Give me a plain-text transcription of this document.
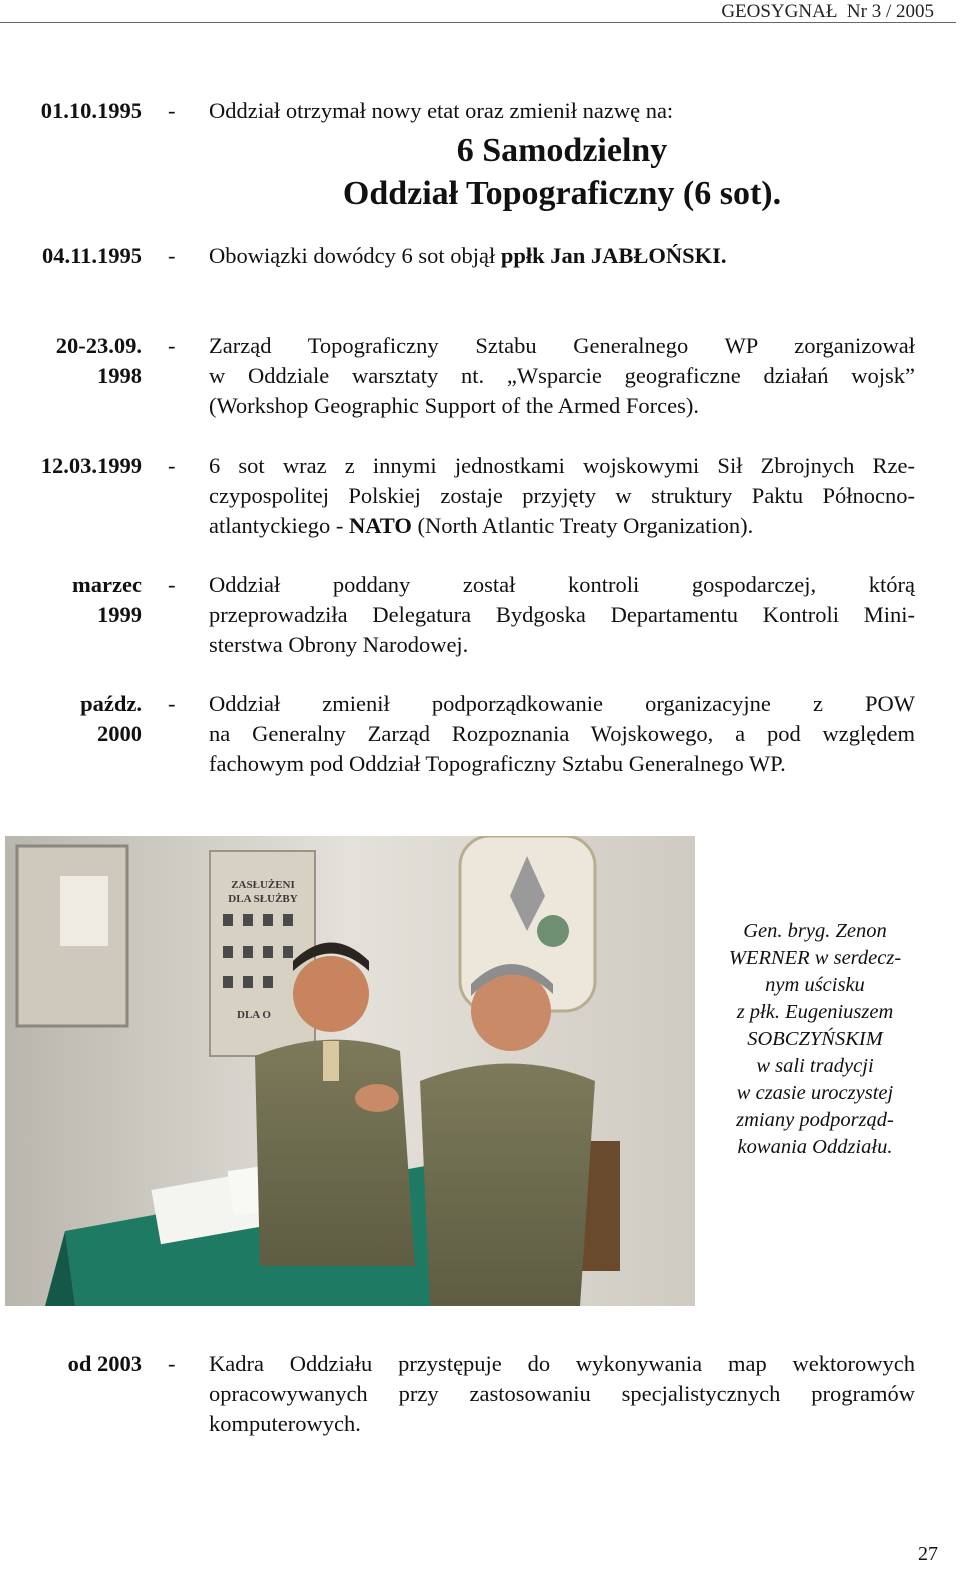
GEOSYGNAŁ  Nr 3 / 2005
01.10.1995 - Oddział otrzymał nowy etat oraz zmienił nazwę na:
6 Samodzielny
Oddział Topograficzny (6 sot).
04.11.1995 - Obowiązki dowódcy 6 sot objął ppłk Jan JABŁOŃSKI.
20-23.09.
1998
- Zarząd Topograficzny Sztabu Generalnego WP zorganizował
w Oddziale warsztaty nt. „Wsparcie geograficzne działań wojsk”
(Workshop Geographic Support of the Armed Forces).
12.03.1999 - 6 sot wraz z innymi jednostkami wojskowymi Sił Zbrojnych Rze-
czypospolitej Polskiej zostaje przyjęty w struktury Paktu Północno-
atlantyckiego - NATO (North Atlantic Treaty Organization).
marzec
1999
- Oddział poddany został kontroli gospodarczej, którą
przeprowadziła Delegatura Bydgoska Departamentu Kontroli Mini-
sterstwa Obrony Narodowej.
paźdz.
2000
- Oddział zmienił podporządkowanie organizacyjne z POW
na Generalny Zarząd Rozpoznania Wojskowego, a pod względem
fachowym pod Oddział Topograficzny Sztabu Generalnego WP.
ZASŁUŻENI
DLA SŁUŻBY
DLA O
Gen. bryg. Zenon
WERNER w serdecz-
nym uścisku
z płk. Eugeniuszem
SOBCZYŃSKIM
w sali tradycji
w czasie uroczystej
zmiany podporząd-
kowania Oddziału.
od 2003 - Kadra Oddziału przystępuje do wykonywania map wektorowych
opracowywanych przy zastosowaniu specjalistycznych programów
komputerowych.
27
